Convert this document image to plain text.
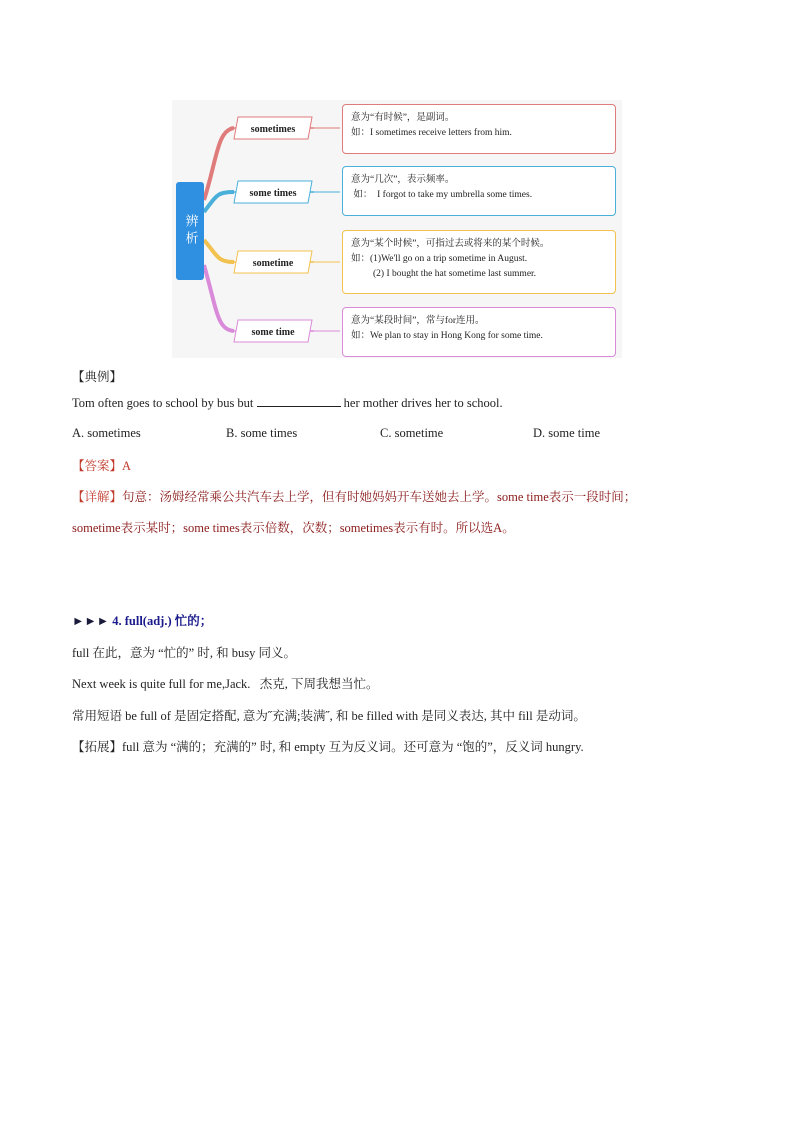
辨析
sometimes
some times
sometime
some time
意为“有时候”，是副词。
如：I sometimes receive letters from him.
意为“几次”，表示频率。
如：  I forgot to take my umbrella some times.
意为“某个时候”，可指过去或将来的某个时候。
如：(1)We'll go on a trip sometime in August.
(2) I bought the hat sometime last summer.
意为“某段时间”，常与for连用。
如：We plan to stay in Hong Kong for some time.
【典例】
Tom often goes to school by bus but	her mother drives her to school.
A. sometimes	B. some times	C. sometime	D. some time
【答案】A
【详解】句意：汤姆经常乘公共汽车去上学，但有时她妈妈开车送她去上学。some time表示一段时间；
sometime表示某时；some times表示倍数，次数；sometimes表示有时。所以选A。
►►► 4. full(adj.) 忙的；
full 在此，意为 “忙的” 时, 和 busy 同义。
Next week is quite full for me,Jack.   杰克, 下周我想当忙。
常用短语 be full of 是固定搭配, 意为˝充满;装满˝, 和 be filled with 是同义表达, 其中 fill 是动词。
【拓展】full 意为 “满的；充满的” 时, 和 empty 互为反义词。还可意为 “饱的”，反义词 hungry.
